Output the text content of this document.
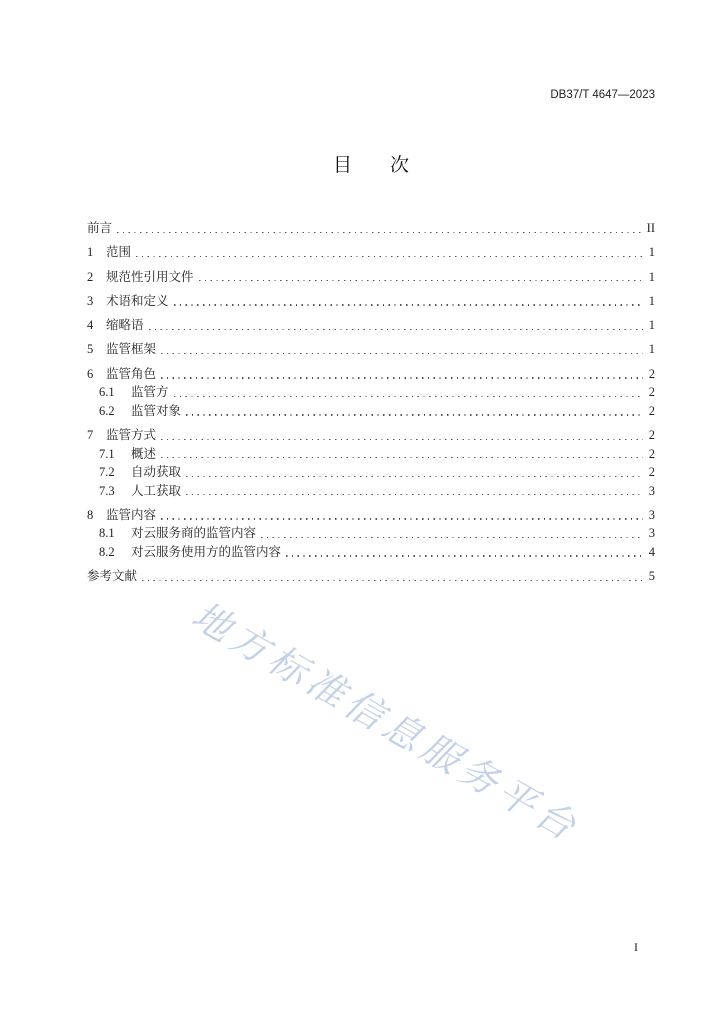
DB37/T 4647—2023
目　　次
前言	II
1	范围	1
2	规范性引用文件	1
3	术语和定义	1
4	缩略语	1
5	监管框架	1
6	监管角色	2
6.1	监管方	2
6.2	监管对象	2
7	监管方式	2
7.1	概述	2
7.2	自动获取	2
7.3	人工获取	3
8	监管内容	3
8.1	对云服务商的监管内容	3
8.2	对云服务使用方的监管内容	4
参考文献	5
地方标准信息服务平台
I
